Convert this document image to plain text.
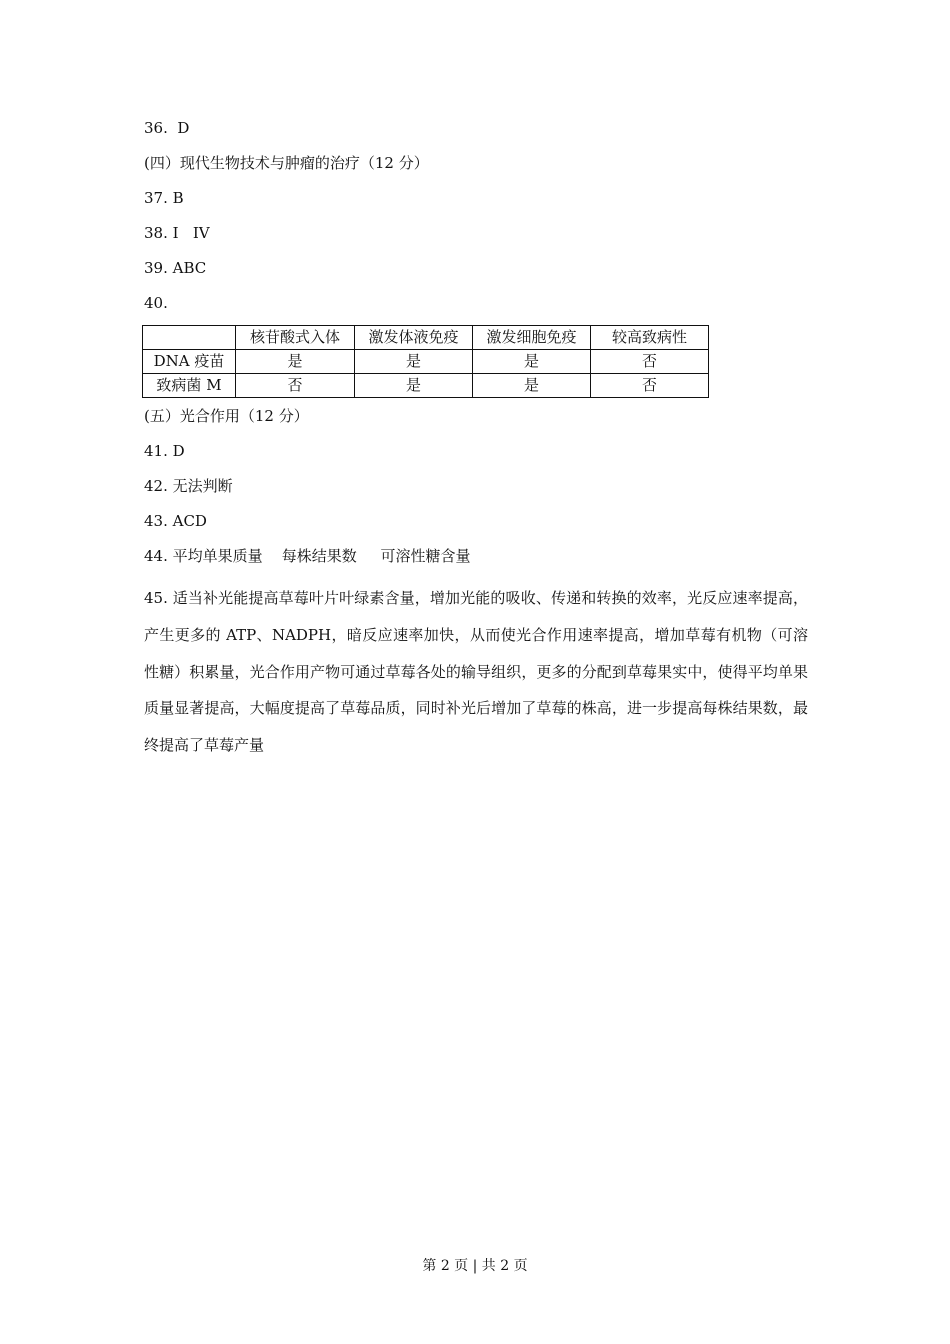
36.  D
(四）现代生物技术与肿瘤的治疗（12 分）
37. B
38. I   IV
39. ABC
40.
	核苷酸式入体	激发体液免疫	激发细胞免疫	较高致病性
DNA 疫苗	是	是	是	否
致病菌 M	否	是	是	否
(五）光合作用（12 分）
41. D
42. 无法判断
43. ACD
44. 平均单果质量    每株结果数     可溶性糖含量
45. 适当补光能提高草莓叶片叶绿素含量，增加光能的吸收、传递和转换的效率，光反应速率提高，产生更多的 ATP、NADPH，暗反应速率加快，从而使光合作用速率提高，增加草莓有机物（可溶性糖）积累量，光合作用产物可通过草莓各处的输导组织，更多的分配到草莓果实中，使得平均单果质量显著提高，大幅度提高了草莓品质，同时补光后增加了草莓的株高，进一步提高每株结果数，最终提高了草莓产量
第 2 页 | 共 2 页
